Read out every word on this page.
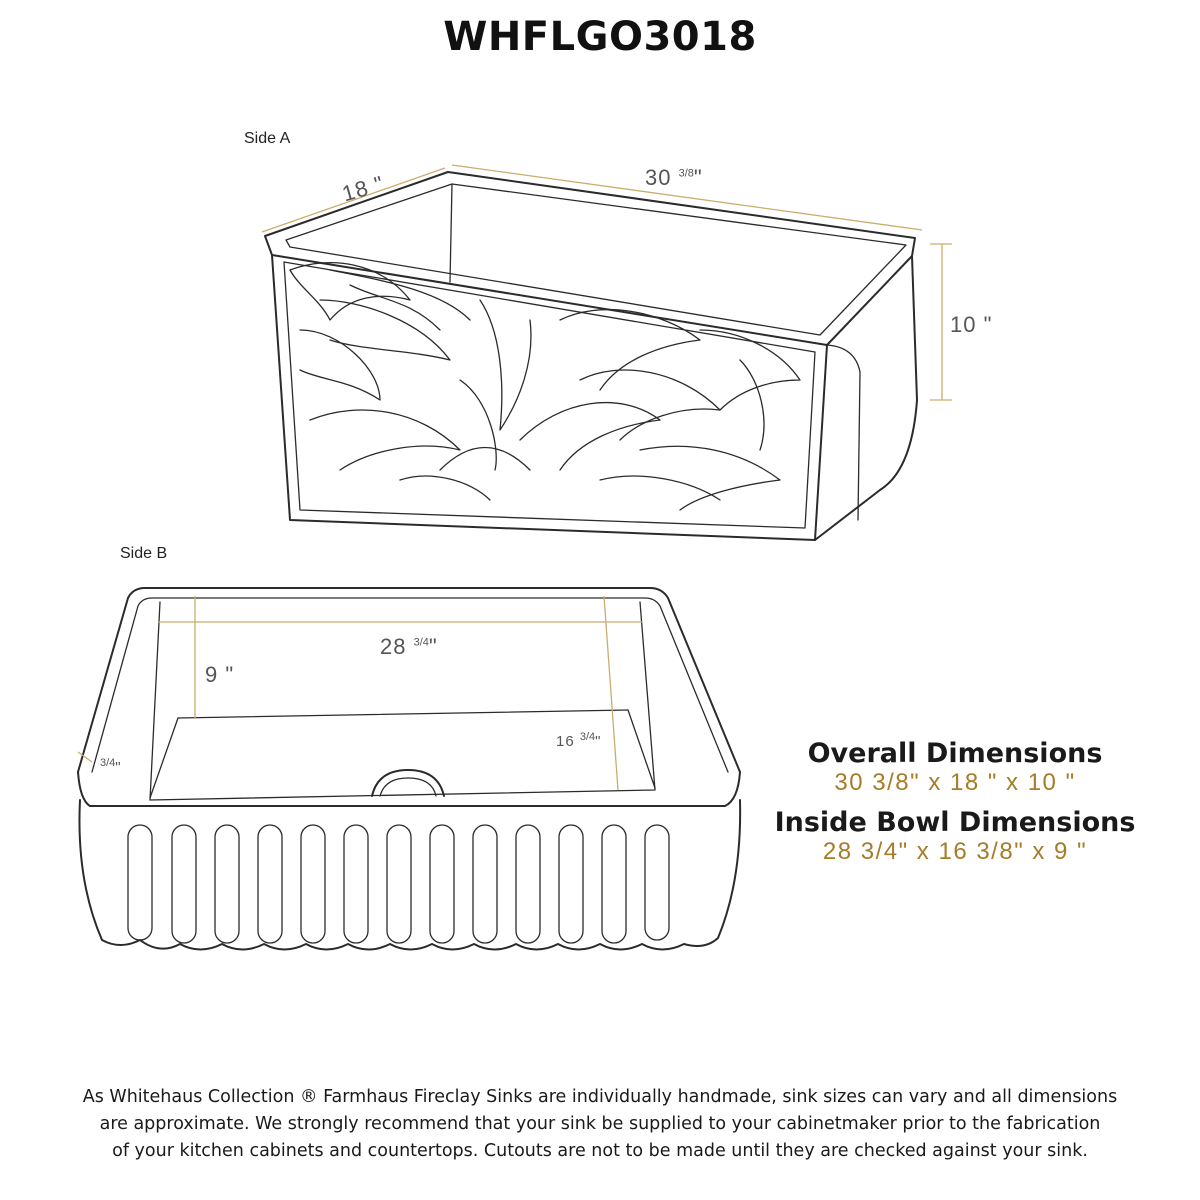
WHFLGO3018
Side A
Side B
18 "	30 $^{3/8}$"
10 "
28 $^{3/4}$"
9 "
16 $^{3/4}$"
$^{3/4}$"	Overall Dimensions
30 3/8" x 18 " x 10 "
Inside Bowl Dimensions
28 3/4" x 16 3/8" x 9 "
As Whitehaus Collection ® Farmhaus Fireclay Sinks are individually handmade, sink sizes can vary and all dimensions
are approximate. We strongly recommend that your sink be supplied to your cabinetmaker prior to the fabrication
of your kitchen cabinets and countertops. Cutouts are not to be made until they are checked against your sink.
